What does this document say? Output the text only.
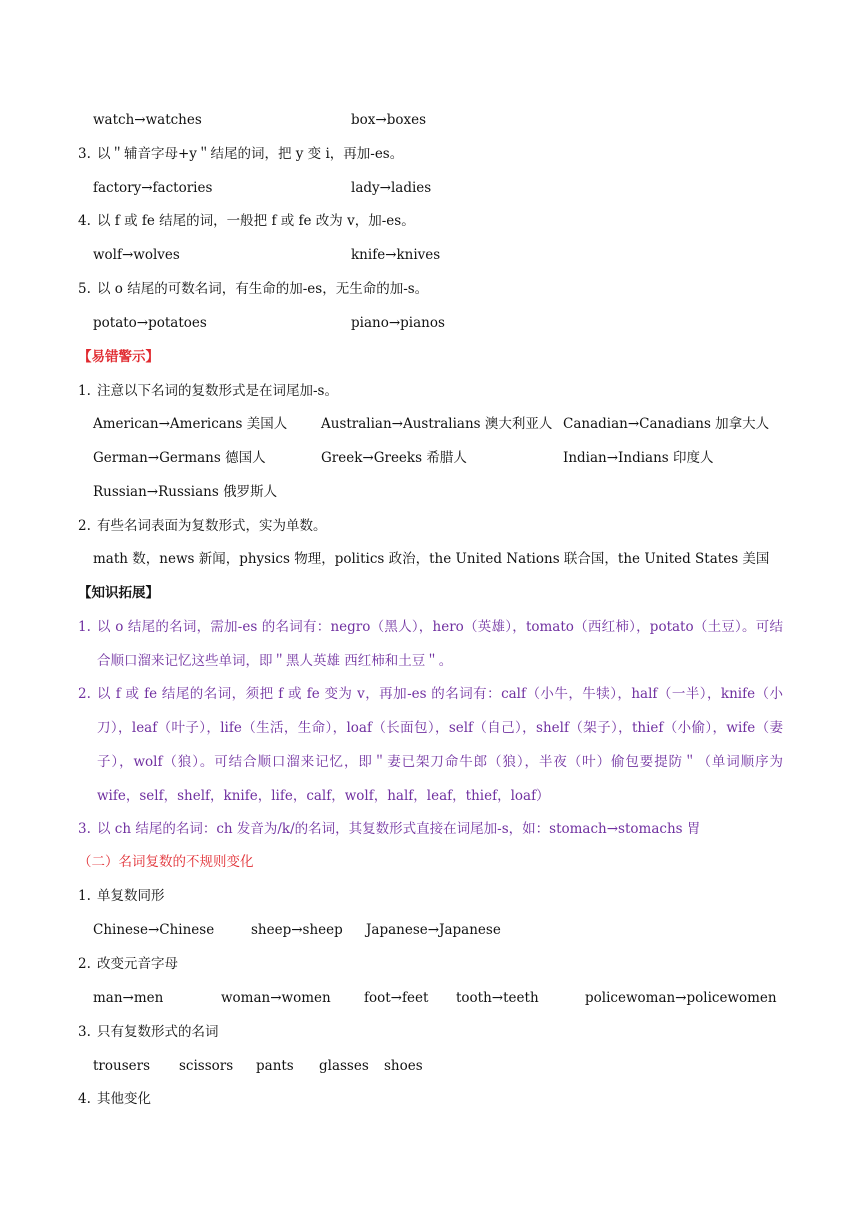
watch→watches	box→boxes
3. 以＂辅音字母+y＂结尾的词，把 y 变 i，再加-es。
factory→factories	lady→ladies
4. 以 f 或 fe 结尾的词，一般把 f 或 fe 改为 v，加-es。
wolf→wolves	knife→knives
5. 以 o 结尾的可数名词，有生命的加-es，无生命的加-s。
potato→potatoes	piano→pianos
【易错警示】
1. 注意以下名词的复数形式是在词尾加-s。
American→Americans 美国人 Australian→Australians 澳大利亚人 Canadian→Canadians 加拿大人
German→Germans 德国人	Greek→Greeks 希腊人	Indian→Indians 印度人
Russian→Russians 俄罗斯人
2. 有些名词表面为复数形式，实为单数。
math 数，news 新闻，physics 物理，politics 政治，the United Nations 联合国，the United States 美国
【知识拓展】
1. 以 o 结尾的名词，需加-es 的名词有：negro（黑人），hero（英雄），tomato（西红柿），potato（土豆）。可结合顺口溜来记忆这些单词，即＂黑人英雄 西红柿和土豆＂。
2. 以 f 或 fe 结尾的名词，须把 f 或 fe 变为 v，再加-es 的名词有：calf（小牛，牛犊），half（一半），knife（小刀），leaf（叶子），life（生活，生命），loaf（长面包），self（自己），shelf（架子），thief（小偷），wife（妻子），wolf（狼）。可结合顺口溜来记忆，即＂妻已架刀命牛郎（狼），半夜（叶）偷包要提防＂（单词顺序为 wife，self，shelf，knife，life，calf，wolf，half，leaf，thief，loaf）
3. 以 ch 结尾的名词：ch 发音为/k/的名词，其复数形式直接在词尾加-s，如：stomach→stomachs 胃
（二）名词复数的不规则变化
1. 单复数同形
Chinese→Chinese	sheep→sheep Japanese→Japanese
2. 改变元音字母
man→men	woman→women foot→feet tooth→teeth	policewoman→policewomen
3. 只有复数形式的名词
trousers scissors pants glasses shoes
4. 其他变化
